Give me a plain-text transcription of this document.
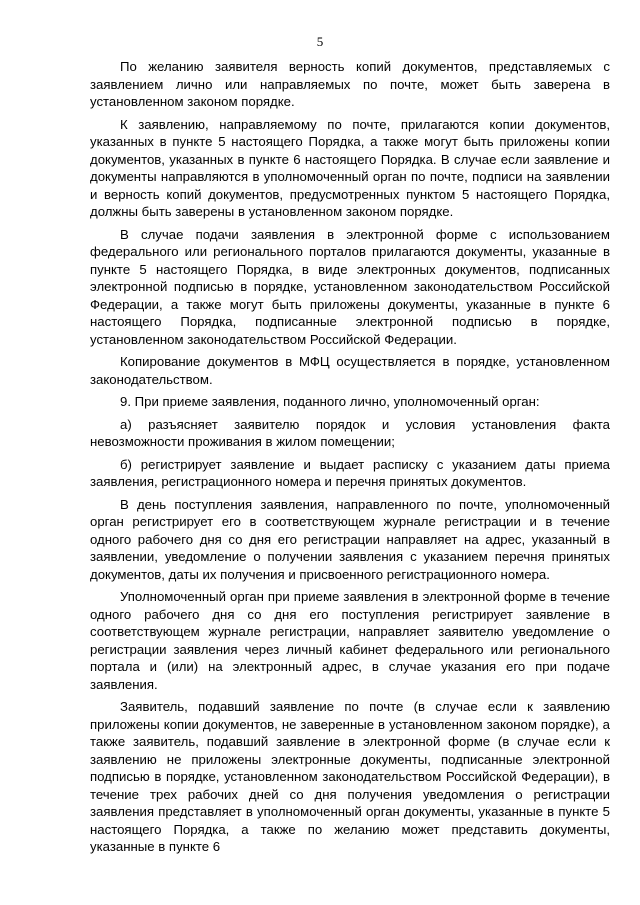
5

По желанию заявителя верность копий документов, представляемых с заявлением лично или направляемых по почте, может быть заверена в установленном законом порядке.

К заявлению, направляемому по почте, прилагаются копии документов, указанных в пункте 5 настоящего Порядка, а также могут быть приложены копии документов, указанных в пункте 6 настоящего Порядка. В случае если заявление и документы направляются в уполномоченный орган по почте, подписи на заявлении и верность копий документов, предусмотренных пунктом 5 настоящего Порядка, должны быть заверены в установленном законом порядке.

В случае подачи заявления в электронной форме с использованием федерального или регионального порталов прилагаются документы, указанные в пункте 5 настоящего Порядка, в виде электронных документов, подписанных электронной подписью в порядке, установленном законодательством Российской Федерации, а также могут быть приложены документы, указанные в пункте 6 настоящего Порядка, подписанные электронной подписью в порядке, установленном законодательством Российской Федерации.

Копирование документов в МФЦ осуществляется в порядке, установленном законодательством.

9. При приеме заявления, поданного лично, уполномоченный орган:

а) разъясняет заявителю порядок и условия установления факта невозможности проживания в жилом помещении;

б) регистрирует заявление и выдает расписку с указанием даты приема заявления, регистрационного номера и перечня принятых документов.

В день поступления заявления, направленного по почте, уполномоченный орган регистрирует его в соответствующем журнале регистрации и в течение одного рабочего дня со дня его регистрации направляет на адрес, указанный в заявлении, уведомление о получении заявления с указанием перечня принятых документов, даты их получения и присвоенного регистрационного номера.

Уполномоченный орган при приеме заявления в электронной форме в течение одного рабочего дня со дня его поступления регистрирует заявление в соответствующем журнале регистрации, направляет заявителю уведомление о регистрации заявления через личный кабинет федерального или регионального портала и (или) на электронный адрес, в случае указания его при подаче заявления.

Заявитель, подавший заявление по почте (в случае если к заявлению приложены копии документов, не заверенные в установленном законом порядке), а также заявитель, подавший заявление в электронной форме (в случае если к заявлению не приложены электронные документы, подписанные электронной подписью в порядке, установленном законодательством Российской Федерации), в течение трех рабочих дней со дня получения уведомления о регистрации заявления представляет в уполномоченный орган документы, указанные в пункте 5 настоящего Порядка, а также по желанию может представить документы, указанные в пункте 6
